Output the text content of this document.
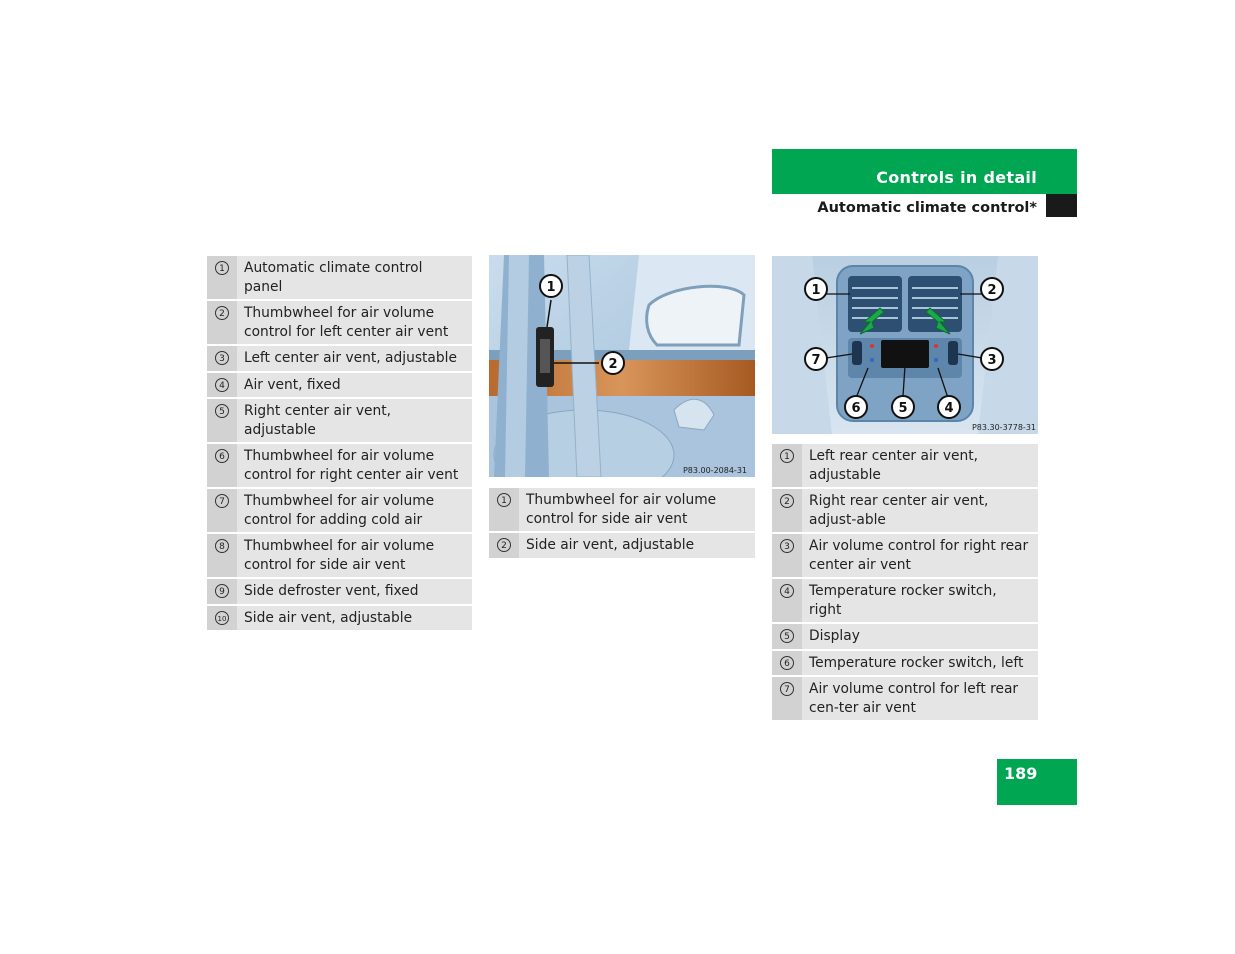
Controls in detail
Automatic climate control*
1	Automatic climate control panel
2	Thumbwheel for air volume control for left center air vent
3	Left center air vent, adjustable
4	Air vent, fixed
5	Right center air vent, adjustable
6	Thumbwheel for air volume control for right center air vent
7	Thumbwheel for air volume control for adding cold air
8	Thumbwheel for air volume control for side air vent
9	Side defroster vent, fixed
10	Side air vent, adjustable
1
2
P83.00-2084-31
1	Thumbwheel for air volume control for side air vent
2	Side air vent, adjustable
1	2
3
4
5
6
7
P83.30-3778-31
1	Left rear center air vent, adjustable
2	Right rear center air vent, adjust-able
3	Air volume control for right rear center air vent
4	Temperature rocker switch, right
5	Display
6	Temperature rocker switch, left
7	Air volume control for left rear cen-ter air vent
189
